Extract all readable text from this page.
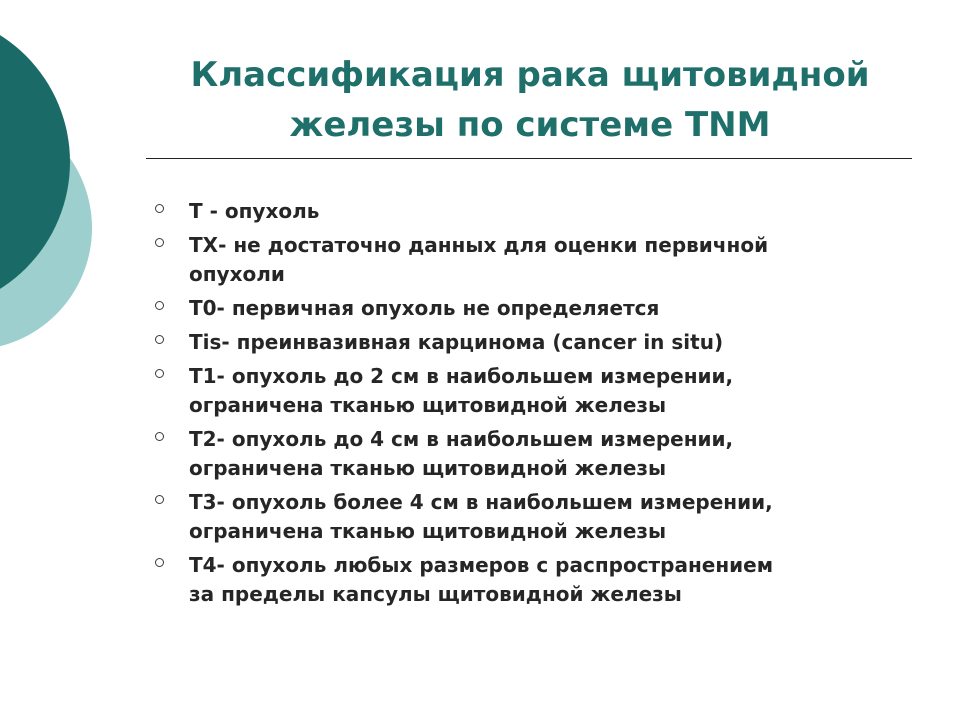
Классификация рака щитовидной
железы по системе TNM
Т - опухоль
ТХ- не достаточно данных для оценки первичной
опухоли
Т0- первичная опухоль не определяется
Tis- преинвазивная карцинома (cancer in situ)
Т1- опухоль до 2 см в наибольшем измерении,
ограничена тканью щитовидной железы
Т2- опухоль до 4 см в наибольшем измерении,
ограничена тканью щитовидной железы
Т3- опухоль более 4 см в наибольшем измерении,
ограничена тканью щитовидной железы
Т4- опухоль любых размеров с распространением
за пределы капсулы щитовидной железы
